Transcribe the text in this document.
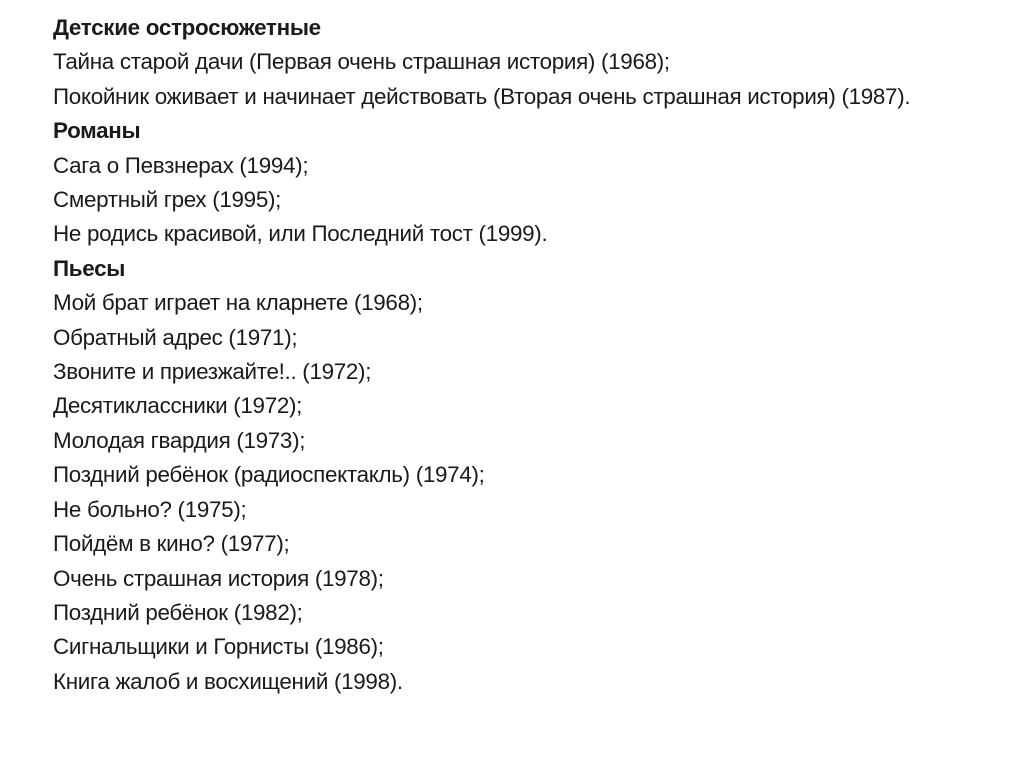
Детские остросюжетные
Тайна старой дачи (Первая очень страшная история) (1968);
Покойник оживает и начинает действовать (Вторая очень страшная история) (1987).
Романы
Сага о Певзнерах (1994);
Смертный грех (1995);
Не родись красивой, или Последний тост (1999).
Пьесы
Мой брат играет на кларнете (1968);
Обратный адрес (1971);
Звоните и приезжайте!.. (1972);
Десятиклассники (1972);
Молодая гвардия (1973);
Поздний ребёнок (радиоспектакль) (1974);
Не больно? (1975);
Пойдём в кино? (1977);
Очень страшная история (1978);
Поздний ребёнок (1982);
Сигнальщики и Горнисты (1986);
Книга жалоб и восхищений (1998).
